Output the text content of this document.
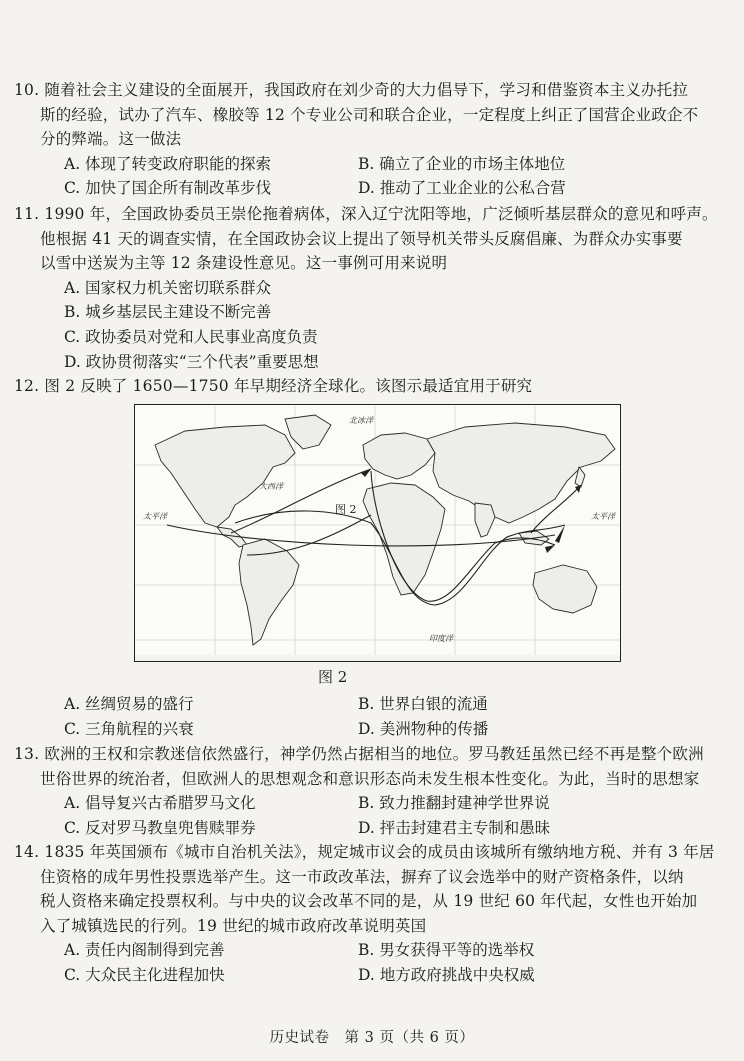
10. 随着社会主义建设的全面展开，我国政府在刘少奇的大力倡导下，学习和借鉴资本主义办托拉
斯的经验，试办了汽车、橡胶等 12 个专业公司和联合企业，一定程度上纠正了国营企业政企不
分的弊端。这一做法
A. 体现了转变政府职能的探索	B. 确立了企业的市场主体地位
C. 加快了国企所有制改革步伐	D. 推动了工业企业的公私合营
11. 1990 年，全国政协委员王崇伦拖着病体，深入辽宁沈阳等地，广泛倾听基层群众的意见和呼声。
他根据 41 天的调查实情，在全国政协会议上提出了领导机关带头反腐倡廉、为群众办实事要
以雪中送炭为主等 12 条建设性意见。这一事例可用来说明
A. 国家权力机关密切联系群众
B. 城乡基层民主建设不断完善
C. 政协委员对党和人民事业高度负责
D. 政协贯彻落实“三个代表”重要思想
12. 图 2 反映了 1650—1750 年早期经济全球化。该图示最适宜用于研究
北冰洋
大西洋
太平洋	太平洋
印度洋
图 2
图 2
A. 丝绸贸易的盛行	B. 世界白银的流通
C. 三角航程的兴衰	D. 美洲物种的传播
13. 欧洲的王权和宗教迷信依然盛行，神学仍然占据相当的地位。罗马教廷虽然已经不再是整个欧洲
世俗世界的统治者，但欧洲人的思想观念和意识形态尚未发生根本性变化。为此，当时的思想家
A. 倡导复兴古希腊罗马文化	B. 致力推翻封建神学世界说
C. 反对罗马教皇兜售赎罪券	D. 抨击封建君主专制和愚昧
14. 1835 年英国颁布《城市自治机关法》，规定城市议会的成员由该城所有缴纳地方税、并有 3 年居
住资格的成年男性投票选举产生。这一市政改革法，摒弃了议会选举中的财产资格条件，以纳
税人资格来确定投票权利。与中央的议会改革不同的是，从 19 世纪 60 年代起，女性也开始加
入了城镇选民的行列。19 世纪的城市政府改革说明英国
A. 责任内阁制得到完善	B. 男女获得平等的选举权
C. 大众民主化进程加快	D. 地方政府挑战中央权威
历史试卷　第 3 页（共 6 页）
